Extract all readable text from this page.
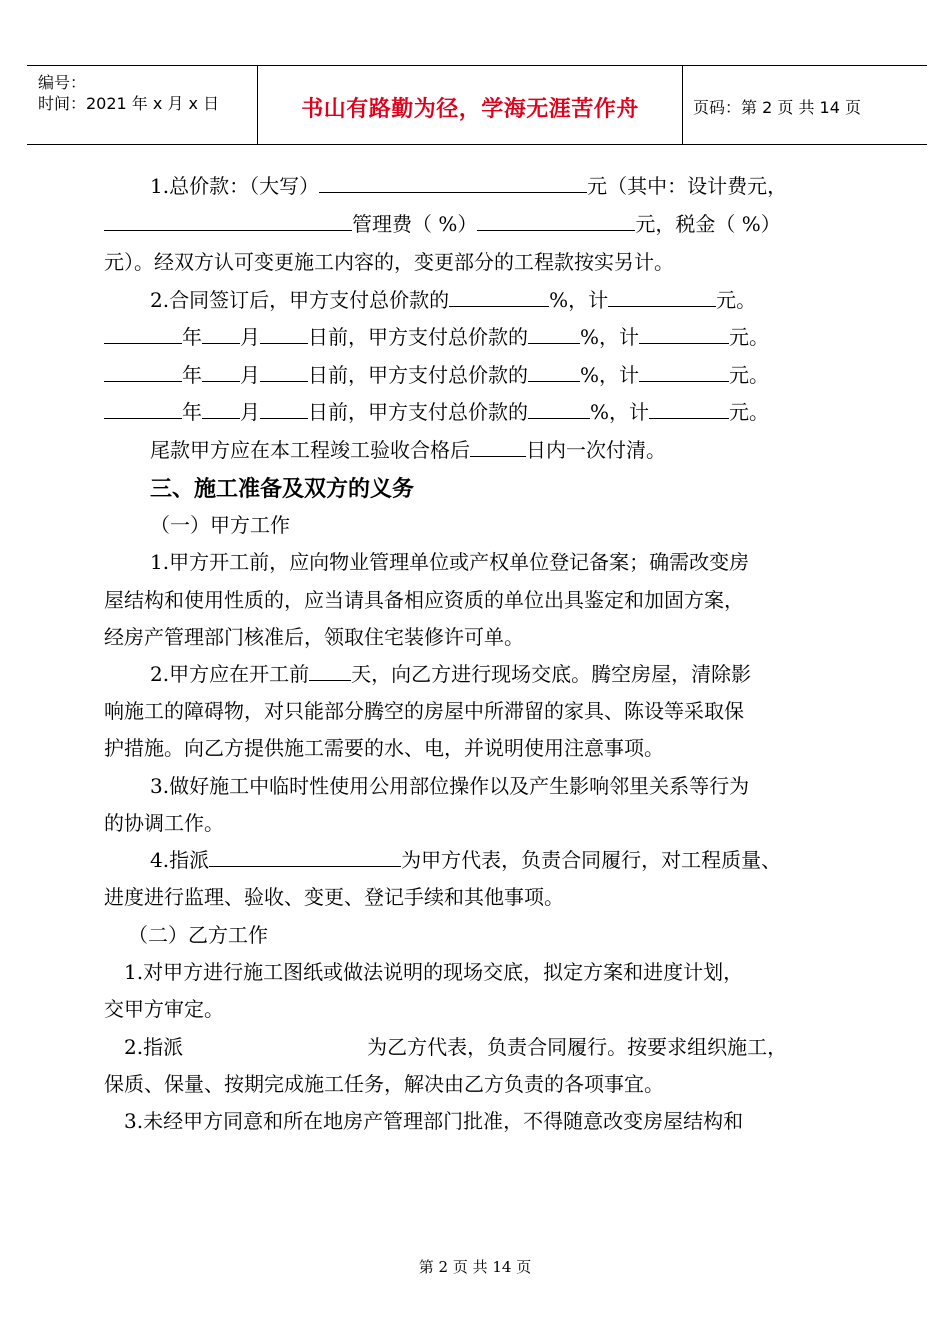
编号：
时间：2021 年 x 月 x 日	书山有路勤为径，学海无涯苦作舟	页码：第 2 页 共 14 页
1.总价款：（大写）	元（其中：设计费元，
管理费（ %）	元，税金（ %）
元）。经双方认可变更施工内容的，变更部分的工程款按实另计。
2.合同签订后，甲方支付总价款的	%，计	元。
年 月 日前，甲方支付总价款的	%，计	元。
年 月 日前，甲方支付总价款的	%，计	元。
年 月 日前，甲方支付总价款的	%，计	元。
尾款甲方应在本工程竣工验收合格后	日内一次付清。
三、施工准备及双方的义务
（一）甲方工作
1.甲方开工前，应向物业管理单位或产权单位登记备案；确需改变房
屋结构和使用性质的，应当请具备相应资质的单位出具鉴定和加固方案，
经房产管理部门核准后，领取住宅装修许可单。
2.甲方应在开工前 天，向乙方进行现场交底。腾空房屋，清除影
响施工的障碍物，对只能部分腾空的房屋中所滞留的家具、陈设等采取保
护措施。向乙方提供施工需要的水、电，并说明使用注意事项。
3.做好施工中临时性使用公用部位操作以及产生影响邻里关系等行为
的协调工作。
4.指派	为甲方代表，负责合同履行，对工程质量、
进度进行监理、验收、变更、登记手续和其他事项。
（二）乙方工作
1.对甲方进行施工图纸或做法说明的现场交底，拟定方案和进度计划，
交甲方审定。
2.指派	为乙方代表，负责合同履行。按要求组织施工，
保质、保量、按期完成施工任务，解决由乙方负责的各项事宜。
3.未经甲方同意和所在地房产管理部门批准，不得随意改变房屋结构和
第 2 页 共 14 页
